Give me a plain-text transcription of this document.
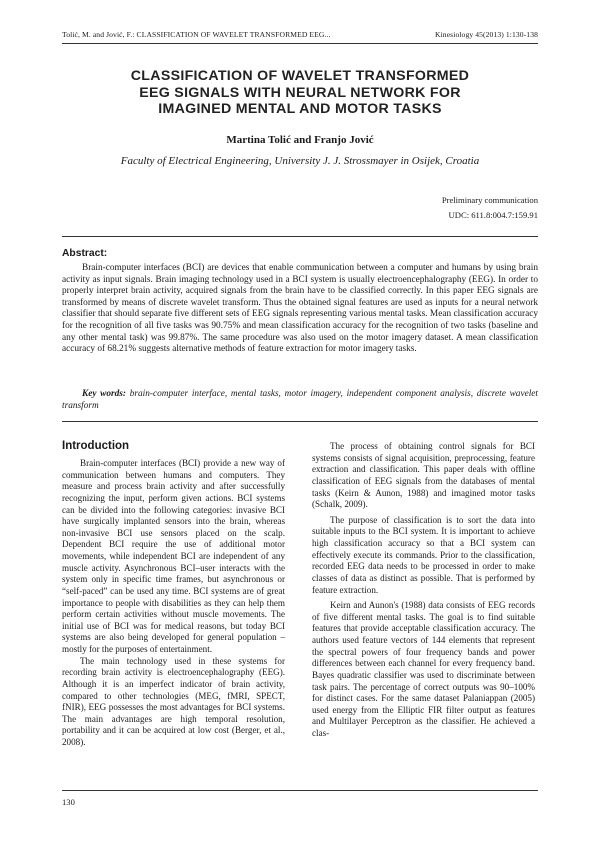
Tolić, M. and Jović, F.: CLASSIFICATION OF WAVELET TRANSFORMED EEG...	Kinesiology 45(2013) 1:130-138
CLASSIFICATION OF WAVELET TRANSFORMED
EEG SIGNALS WITH NEURAL NETWORK FOR
IMAGINED MENTAL AND MOTOR TASKS
Martina Tolić and Franjo Jović
Faculty of Electrical Engineering, University J. J. Strossmayer in Osijek, Croatia
Preliminary communication
UDC: 611.8:004.7:159.91
Abstract:
Brain-computer interfaces (BCI) are devices that enable communication between a computer and humans by using brain activity as input signals. Brain imaging technology used in a BCI system is usually electroencephalography (EEG). In order to properly interpret brain activity, acquired signals from the brain have to be classified correctly. In this paper EEG signals are transformed by means of discrete wavelet transform. Thus the obtained signal features are used as inputs for a neural network classifier that should separate five different sets of EEG signals representing various mental tasks. Mean classification accuracy for the recognition of all five tasks was 90.75% and mean classification accuracy for the recognition of two tasks (baseline and any other mental task) was 99.87%. The same procedure was also used on the motor imagery dataset. A mean classification accuracy of 68.21% suggests alternative methods of feature extraction for motor imagery tasks.
Key words: brain-computer interface, mental tasks, motor imagery, independent component analysis, discrete wavelet transform
Introduction

Brain-computer interfaces (BCI) provide a new way of communication between humans and computers. They measure and process brain activity and after successfully recognizing the input, perform given actions. BCI systems can be divided into the following categories: invasive BCI have surgically implanted sensors into the brain, whereas non-invasive BCI use sensors placed on the scalp. Dependent BCI require the use of additional motor movements, while independent BCI are independent of any muscle activity. Asynchronous BCI–user interacts with the system only in specific time frames, but asynchronous or “self-paced” can be used any time. BCI systems are of great importance to people with disabilities as they can help them perform certain activities without muscle movements. The initial use of BCI was for medical reasons, but today BCI systems are also being developed for general population – mostly for the purposes of entertainment.

The main technology used in these systems for recording brain activity is electroencephalography (EEG). Although it is an imperfect indicator of brain activity, compared to other technologies (MEG, fMRI, SPECT, fNIR), EEG possesses the most advantages for BCI systems. The main advantages are high temporal resolution, portability and it can be acquired at low cost (Berger, et al., 2008).

The process of obtaining control signals for BCI systems consists of signal acquisition, preprocessing, feature extraction and classification. This paper deals with offline classification of EEG signals from the databases of mental tasks (Keirn & Aunon, 1988) and imagined motor tasks (Schalk, 2009).

The purpose of classification is to sort the data into suitable inputs to the BCI system. It is important to achieve high classification accuracy so that a BCI system can effectively execute its commands. Prior to the classification, recorded EEG data needs to be processed in order to make classes of data as distinct as possible. That is performed by feature extraction.

Keirn and Aunon's (1988) data consists of EEG records of five different mental tasks. The goal is to find suitable features that provide acceptable classification accuracy. The authors used feature vectors of 144 elements that represent the spectral powers of four frequency bands and power differences between each channel for every frequency band. Bayes quadratic classifier was used to discriminate between task pairs. The percentage of correct outputs was 90–100% for distinct cases. For the same dataset Palaniappan (2005) used energy from the Elliptic FIR filter output as features and Multilayer Perceptron as the classifier. He achieved a clas-

130
